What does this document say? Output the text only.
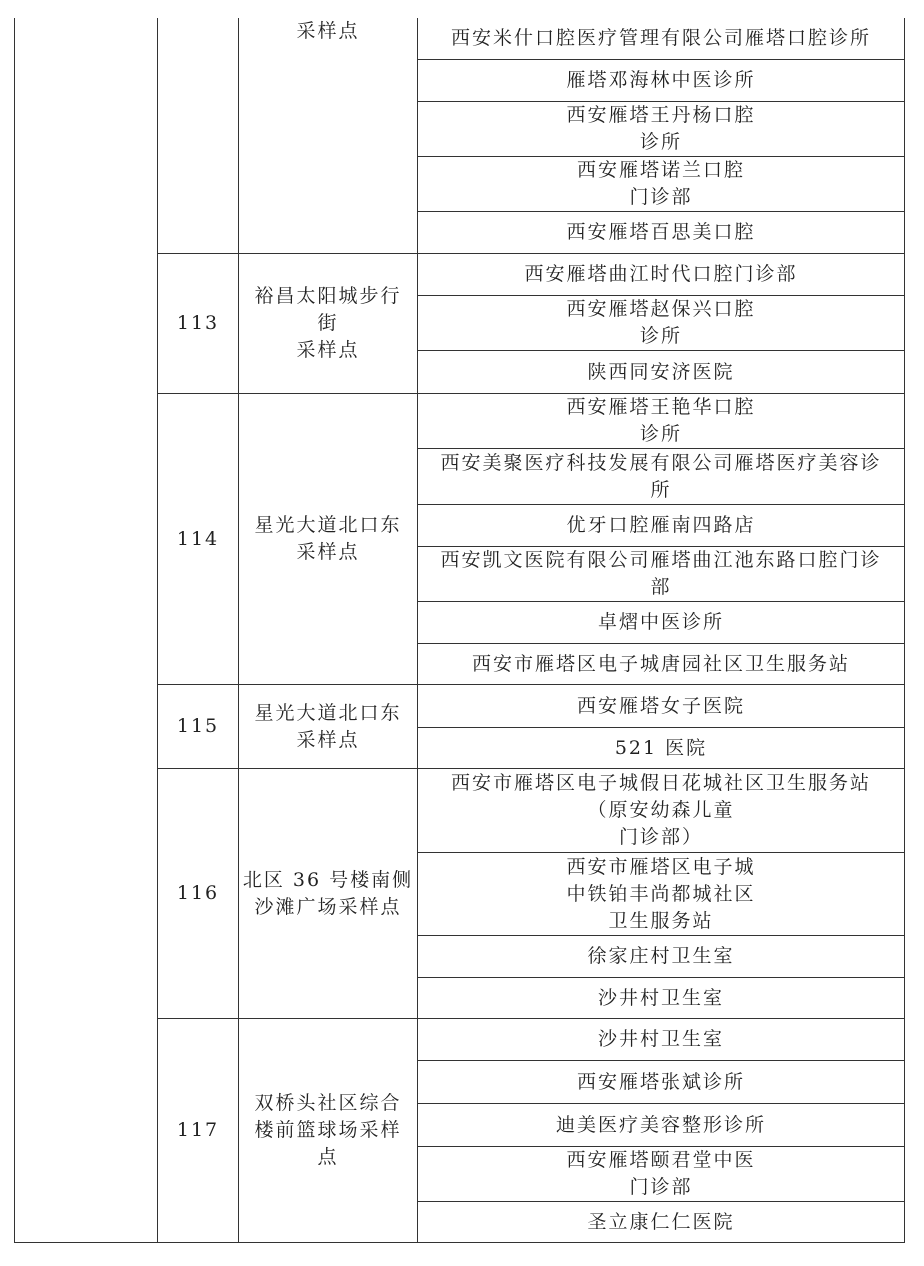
采样点	西安米什口腔医疗管理有限公司雁塔口腔诊所
雁塔邓海林中医诊所
西安雁塔王丹杨口腔
诊所
西安雁塔诺兰口腔
门诊部
西安雁塔百思美口腔
113
裕昌太阳城步行
街
采样点
西安雁塔曲江时代口腔门诊部
西安雁塔赵保兴口腔
诊所
陕西同安济医院
114
星光大道北口东
采样点
西安雁塔王艳华口腔
诊所
西安美聚医疗科技发展有限公司雁塔医疗美容诊
所
优牙口腔雁南四路店
西安凯文医院有限公司雁塔曲江池东路口腔门诊
部
卓熠中医诊所
西安市雁塔区电子城唐园社区卫生服务站
115
星光大道北口东
采样点
西安雁塔女子医院
521 医院
116
北区 36 号楼南侧
沙滩广场采样点
西安市雁塔区电子城假日花城社区卫生服务站
（原安幼森儿童
门诊部）
西安市雁塔区电子城
中铁铂丰尚都城社区
卫生服务站
徐家庄村卫生室
沙井村卫生室
117
双桥头社区综合
楼前篮球场采样
点
沙井村卫生室
西安雁塔张斌诊所
迪美医疗美容整形诊所
西安雁塔颐君堂中医
门诊部
圣立康仁仁医院
